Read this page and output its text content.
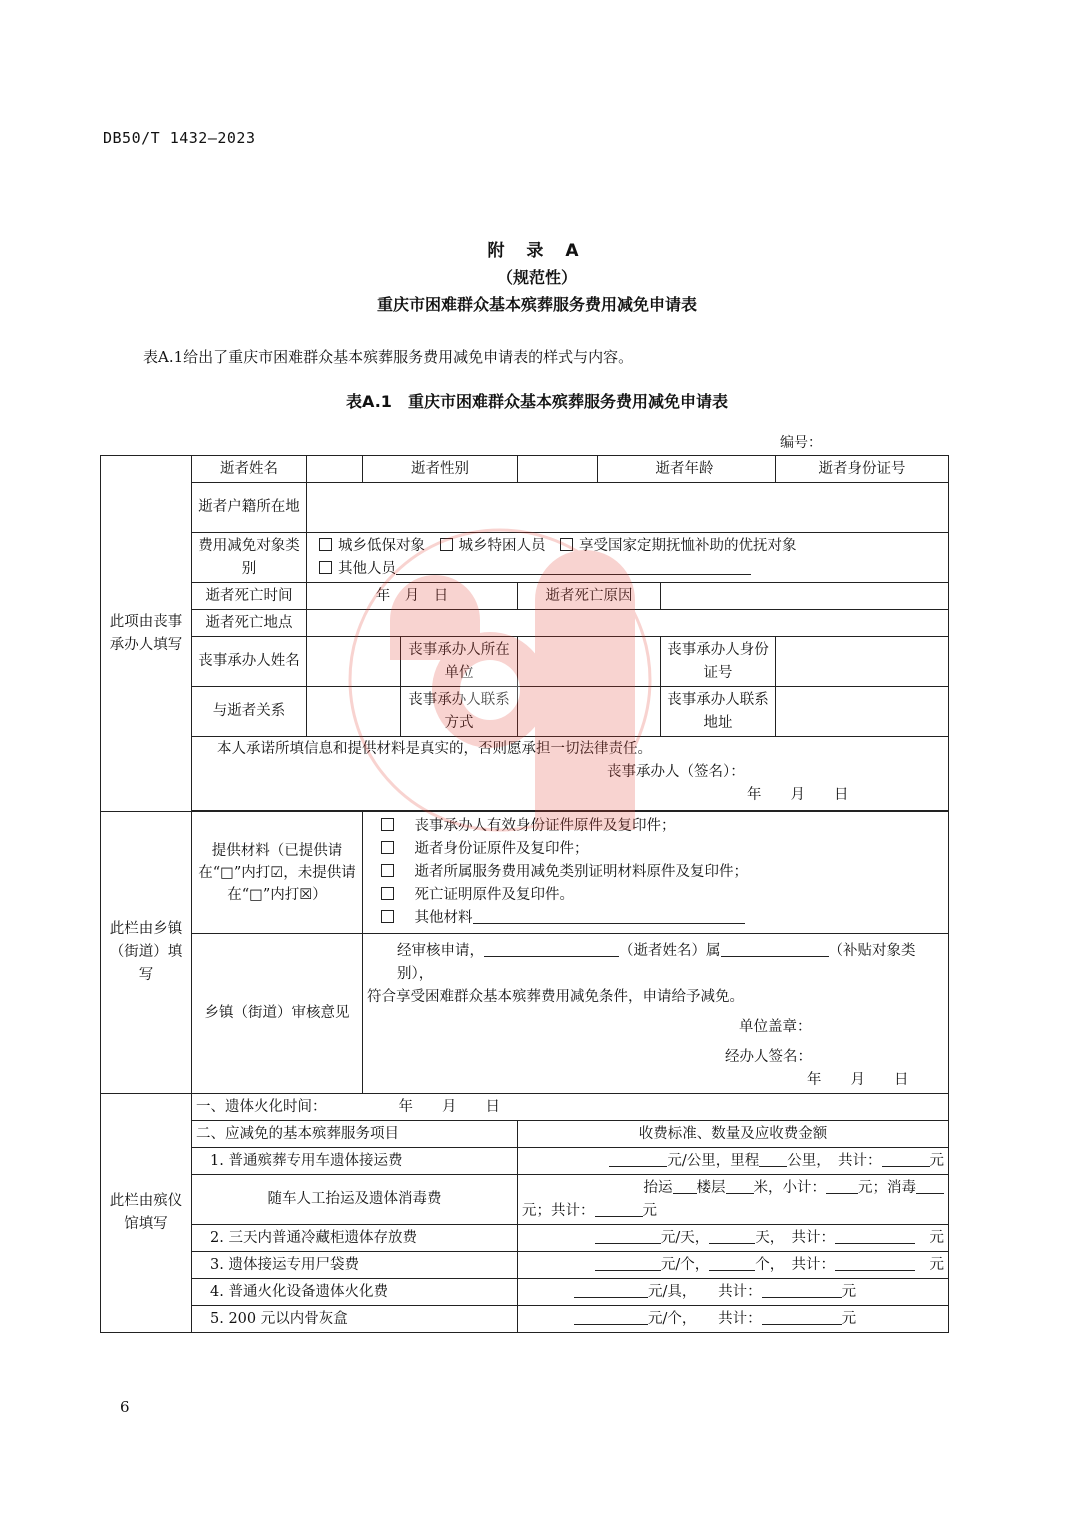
DB50/T 1432—2023
附 录 A
（规范性）
重庆市困难群众基本殡葬服务费用减免申请表
表A.1给出了重庆市困难群众基本殡葬服务费用减免申请表的样式与内容。
表A.1　重庆市困难群众基本殡葬服务费用减免申请表
编号：
此项由丧事承办人填写	逝者姓名		逝者性别			逝者年龄		逝者身份证号
	逝者户籍所在地							
	费用减免对象类别	城乡低保对象　 城乡特困人员　 享受国家定期抚恤补助的优抚对象
其他人员						

	逝者死亡时间	年　月　日			逝者死亡原因			
	逝者死亡地点							
	丧事承办人姓名			丧事承办人所在单位			丧事承办人身份证号	
	与逝者关系			丧事承办人联系方式			丧事承办人联系地址	

	本人承诺所填信息和提供材料是真实的，否则愿承担一切法律责任。
丧事承办人（签名）：
年　　月　　日							

此栏由乡镇（街道）填写	提供材料（已提供请在“□”内打☑，未提供请在“□”内打☒）	
　	丧事承办人有效身份证件原件及复印件；
　逝者身份证原件及复印件；
　逝者所属服务费用减免类别证明材料原件及复印件；
　死亡证明原件及复印件。
　其他材料					

	乡镇（街道）审核意见		经审核申请， （逝者姓名）属 （补贴对象类别），
符合享受困难群众基本殡葬费用减免条件，申请给予减免。
单位盖章：
经办人签名：
年　　月　　日					

此栏由殡仪馆填写	一、遗体火化时间： 年　　月　　日							
	二、应减免的基本殡葬服务项目				收费标准、数量及应收费金额			
	1. 普通殡葬专用车遗体接运费				元/公里，里程 公里，　共计： 元			
	随车人工抬运及遗体消毒费				抬运 楼层 米，小计： 元；消毒
元；共计： 元			

	2. 三天内普通冷藏柜遗体存放费				元/天， 天，　共计：　 元			
	3. 遗体接运专用尸袋费				元/个， 个，　共计：　 元			
	4. 普通火化设备遗体火化费				元/具，　　共计： 元			
	5. 200 元以内骨灰盒				元/个，　　共计： 元			
6
